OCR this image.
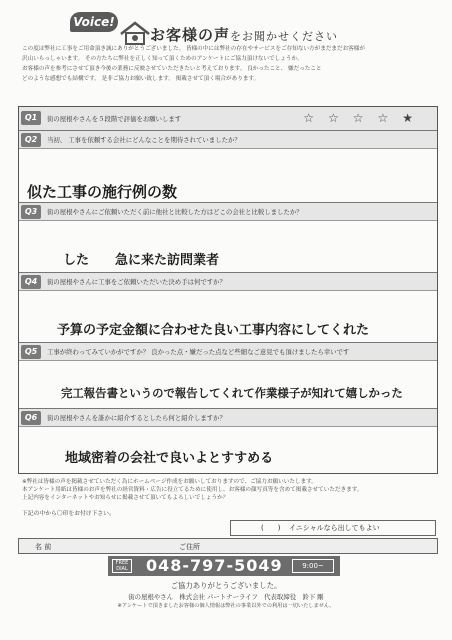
Voice!
お客様の声をお聞かせください

この度は弊社に工事をご用命頂き誠にありがとうございました。 皆様の中には弊社の存在やサービスをご存知ない方がまだまだお客様が

沢山いらっしゃいます。 その方たちに弊社を正しく知って頂くためのアンケートにご協力頂けないでしょうか。

お客様の声を参考にさせて頂き今後の業務に反映させていただきたいと考えております。 良かったこと、 嫌だったこと

どのような感想でも結構です。 是非ご協力お願い致します。 掲載させて頂く場合があります。

Q1	街の屋根やさんを５段階で評価をお願いします	☆☆☆☆★
Q2	当初、 工事を依頼する会社にどんなことを期待されていましたか？
似た工事の施行例の数
Q3	街の屋根やさんにご依頼いただく前に他社と比較した方はどこの会社と比較しましたか？
した　　急に来た訪問業者
Q4	街の屋根やさんに工事をご依頼いただいた決め手は何ですか？
予算の予定金額に合わせた良い工事内容にしてくれた
Q5	工事が終わってみていかがですか？ 良かった点・嫌だった点など些細なご意見でも頂けましたら幸いです
完工報告書というので報告してくれて作業様子が知れて嬉しかった
Q6	街の屋根やさんを誰かに紹介するとしたら何と紹介しますか？
地域密着の会社で良いよとすすめる

※弊社は皆様の声を掲載させていただく為にホームページ作成をお願いしておりますので、ご協力お願いいたします。

本アンケート用紙は皆様のお声を弊社の経営資料・広告に役立てるために使用し、お客様の顔写真等を含めて掲載させていただきます。

上記内容をインターネットやお知らせに掲載させて頂いてもよろしいでしょうか？

下記の中から〇印をお付け下さい。
(　　) イニシャルなら出してもよい
名 前	ご住所
FREE DIAL 048-797-5049	9:00~
ご協力ありがとうございました。
街の屋根やさん　株式会社 パートナーライフ　代表取締役　鈴下 剛
※アンケートで頂きましたお客様の個人情報は弊社の事業以外での利用は一切いたしません。
